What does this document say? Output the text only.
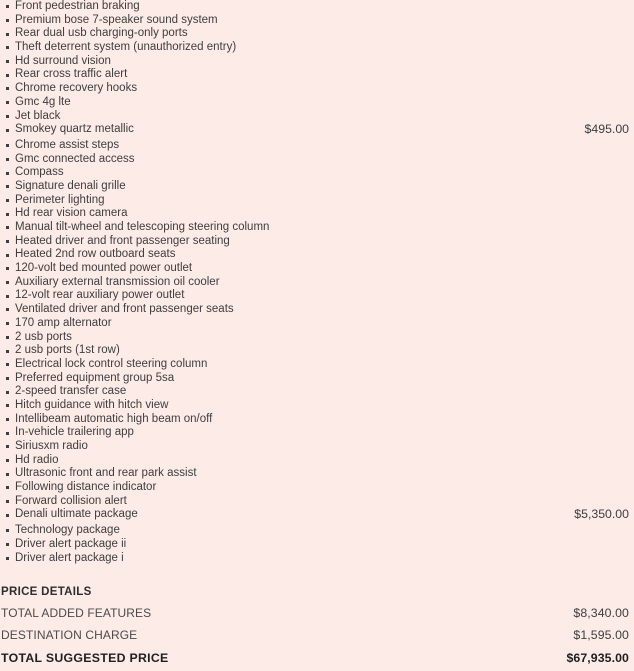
Front pedestrian braking
Premium bose 7-speaker sound system
Rear dual usb charging-only ports
Theft deterrent system (unauthorized entry)
Hd surround vision
Rear cross traffic alert
Chrome recovery hooks
Gmc 4g lte
Jet black
Smokey quartz metallic	$495.00
Chrome assist steps
Gmc connected access
Compass
Signature denali grille
Perimeter lighting
Hd rear vision camera
Manual tilt-wheel and telescoping steering column
Heated driver and front passenger seating
Heated 2nd row outboard seats
120-volt bed mounted power outlet
Auxiliary external transmission oil cooler
12-volt rear auxiliary power outlet
Ventilated driver and front passenger seats
170 amp alternator
2 usb ports
2 usb ports (1st row)
Electrical lock control steering column
Preferred equipment group 5sa
2-speed transfer case
Hitch guidance with hitch view
Intellibeam automatic high beam on/off
In-vehicle trailering app
Siriusxm radio
Hd radio
Ultrasonic front and rear park assist
Following distance indicator
Forward collision alert
Denali ultimate package	$5,350.00
Technology package
Driver alert package ii
Driver alert package i
PRICE DETAILS
TOTAL ADDED FEATURES	$8,340.00
DESTINATION CHARGE	$1,595.00
TOTAL SUGGESTED PRICE	$67,935.00
